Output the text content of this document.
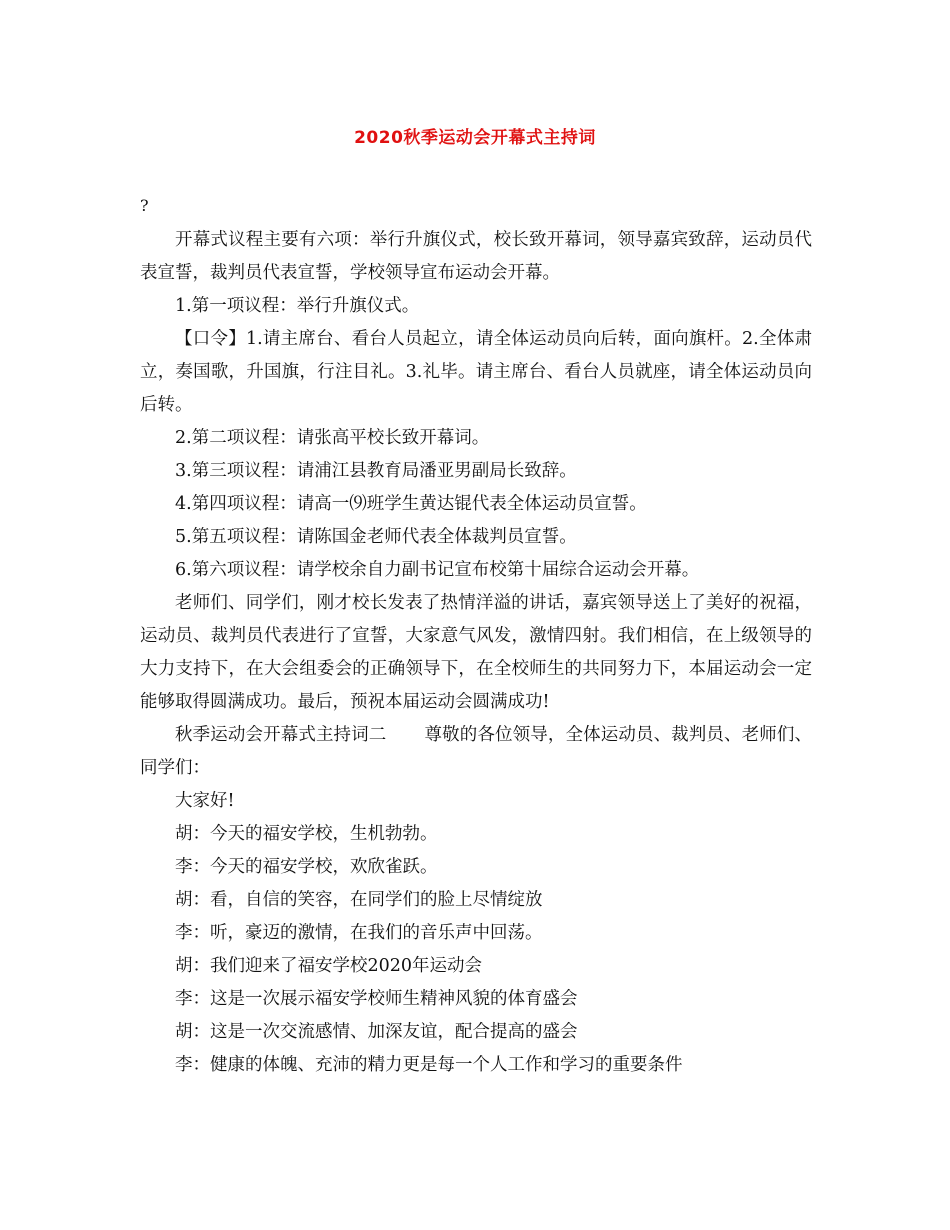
2020秋季运动会开幕式主持词
?

开幕式议程主要有六项：举行升旗仪式，校长致开幕词，领导嘉宾致辞，运动员代表宣誓，裁判员代表宣誓，学校领导宣布运动会开幕。

1.第一项议程：举行升旗仪式。

【口令】1.请主席台、看台人员起立，请全体运动员向后转，面向旗杆。2.全体肃立，奏国歌，升国旗，行注目礼。3.礼毕。请主席台、看台人员就座，请全体运动员向后转。

2.第二项议程：请张高平校长致开幕词。

3.第三项议程：请浦江县教育局潘亚男副局长致辞。

4.第四项议程：请高一⑼班学生黄达锟代表全体运动员宣誓。

5.第五项议程：请陈国金老师代表全体裁判员宣誓。

6.第六项议程：请学校余自力副书记宣布校第十届综合运动会开幕。

老师们、同学们，刚才校长发表了热情洋溢的讲话，嘉宾领导送上了美好的祝福，运动员、裁判员代表进行了宣誓，大家意气风发，激情四射。我们相信，在上级领导的大力支持下，在大会组委会的正确领导下，在全校师生的共同努力下，本届运动会一定能够取得圆满成功。最后，预祝本届运动会圆满成功!

秋季运动会开幕式主持词二 尊敬的各位领导，全体运动员、裁判员、老师们、同学们：

大家好!

胡：今天的福安学校，生机勃勃。

李：今天的福安学校，欢欣雀跃。

胡：看，自信的笑容，在同学们的脸上尽情绽放

李：听，豪迈的激情，在我们的音乐声中回荡。

胡：我们迎来了福安学校2020年运动会

李：这是一次展示福安学校师生精神风貌的体育盛会

胡：这是一次交流感情、加深友谊，配合提高的盛会

李：健康的体魄、充沛的精力更是每一个人工作和学习的重要条件
